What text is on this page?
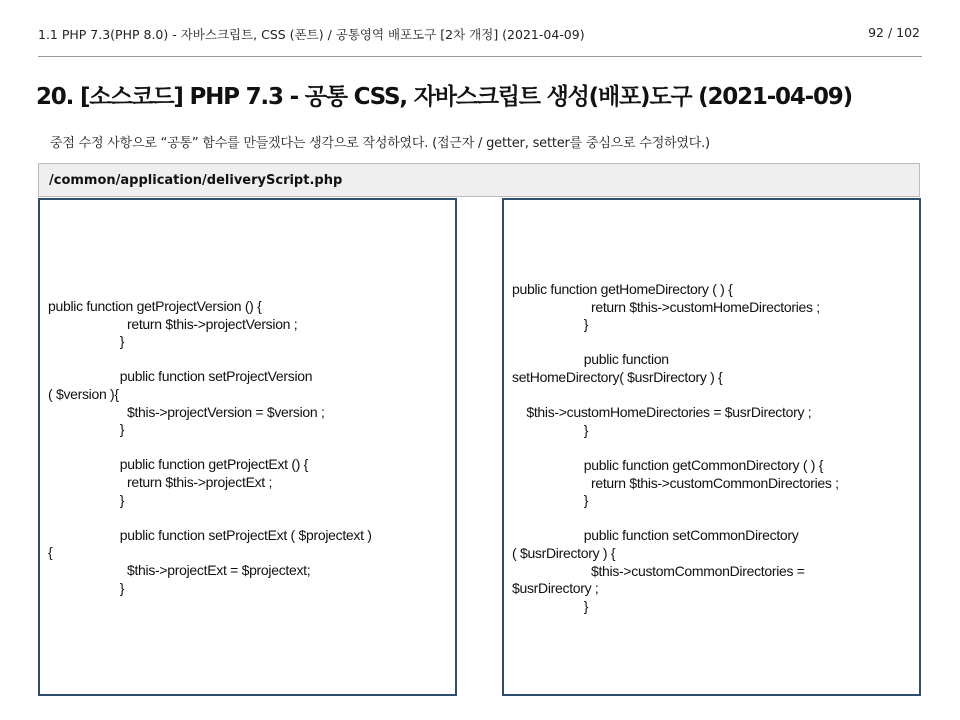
1.1 PHP 7.3(PHP 8.0) - 자바스크립트, CSS (폰트) / 공통영역 배포도구 [2차 개정] (2021-04-09)	92 / 102
20. [소스코드] PHP 7.3 - 공통 CSS, 자바스크립트 생성(배포)도구 (2021-04-09)
중점 수정 사항으로 “공통” 함수를 만들겠다는 생각으로 작성하였다. (접근자 / getter, setter를 중심으로 수정하였다.)
/common/application/deliveryScript.php
public function getProjectVersion () {
return $this->projectVersion ;
}

public function setProjectVersion
( $version ){
$this->projectVersion = $version ;
}

public function getProjectExt () {
return $this->projectExt ;
}

public function setProjectExt ( $projectext )
{
$this->projectExt = $projectext;
}
public function getHomeDirectory ( ) {
return $this->customHomeDirectories ;
}

public function
setHomeDirectory( $usrDirectory ) {

$this->customHomeDirectories = $usrDirectory ;
}

public function getCommonDirectory ( ) {
return $this->customCommonDirectories ;
}

public function setCommonDirectory
( $usrDirectory ) {
$this->customCommonDirectories =
$usrDirectory ;
}
